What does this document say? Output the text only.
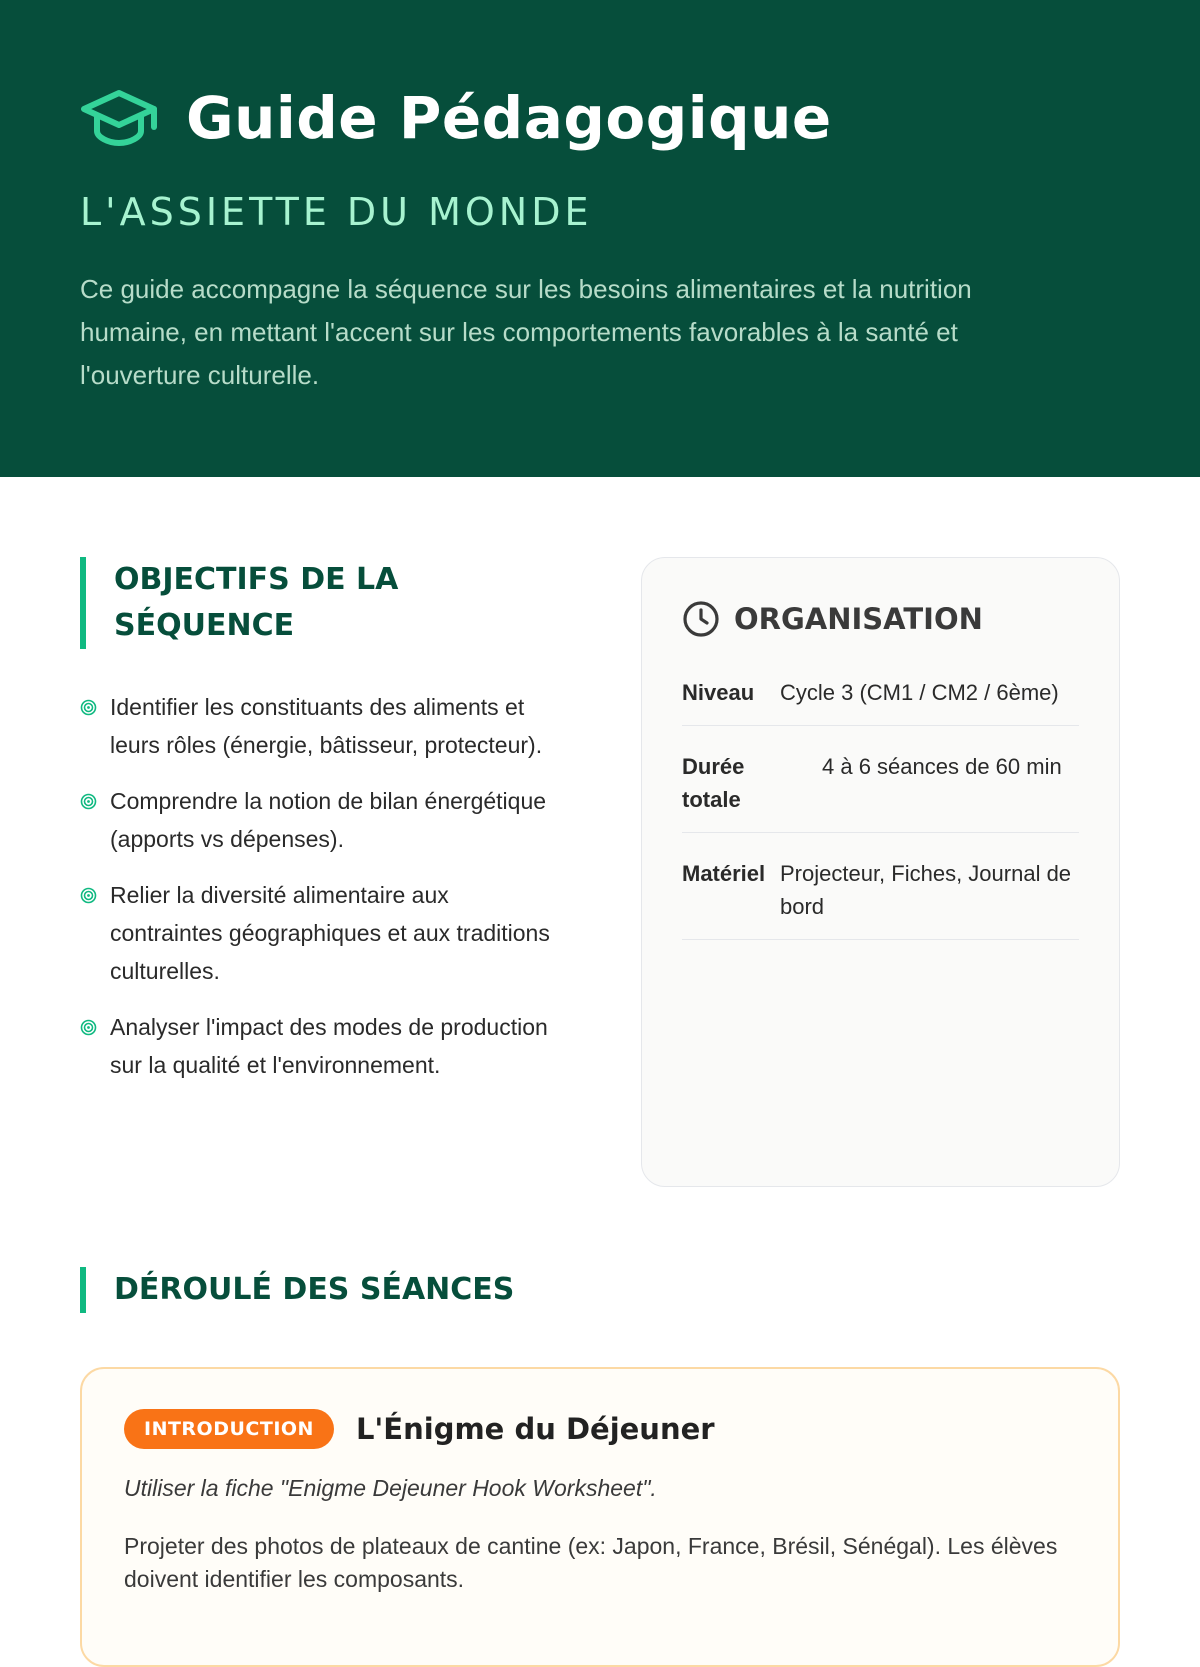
Guide Pédagogique
L'ASSIETTE DU MONDE

Ce guide accompagne la séquence sur les besoins alimentaires et la nutrition humaine, en mettant l'accent sur les comportements favorables à la santé et l'ouverture culturelle.

OBJECTIFS DE LA SÉQUENCE
Identifier les constituants des aliments et leurs rôles (énergie, bâtisseur, protecteur).
Comprendre la notion de bilan énergétique (apports vs dépenses).
Relier la diversité alimentaire aux contraintes géographiques et aux traditions culturelles.
Analyser l'impact des modes de production sur la qualité et l'environnement.
ORGANISATION
Niveau	Cycle 3 (CM1 / CM2 / 6ème)
Durée totale
4 à 6 séances de 60 min
Matériel Projecteur, Fiches, Journal de bord
DÉROULÉ DES SÉANCES
INTRODUCTION	L'Énigme du Déjeuner

Utiliser la fiche "Enigme Dejeuner Hook Worksheet".

Projeter des photos de plateaux de cantine (ex: Japon, France, Brésil, Sénégal). Les élèves doivent identifier les composants.
